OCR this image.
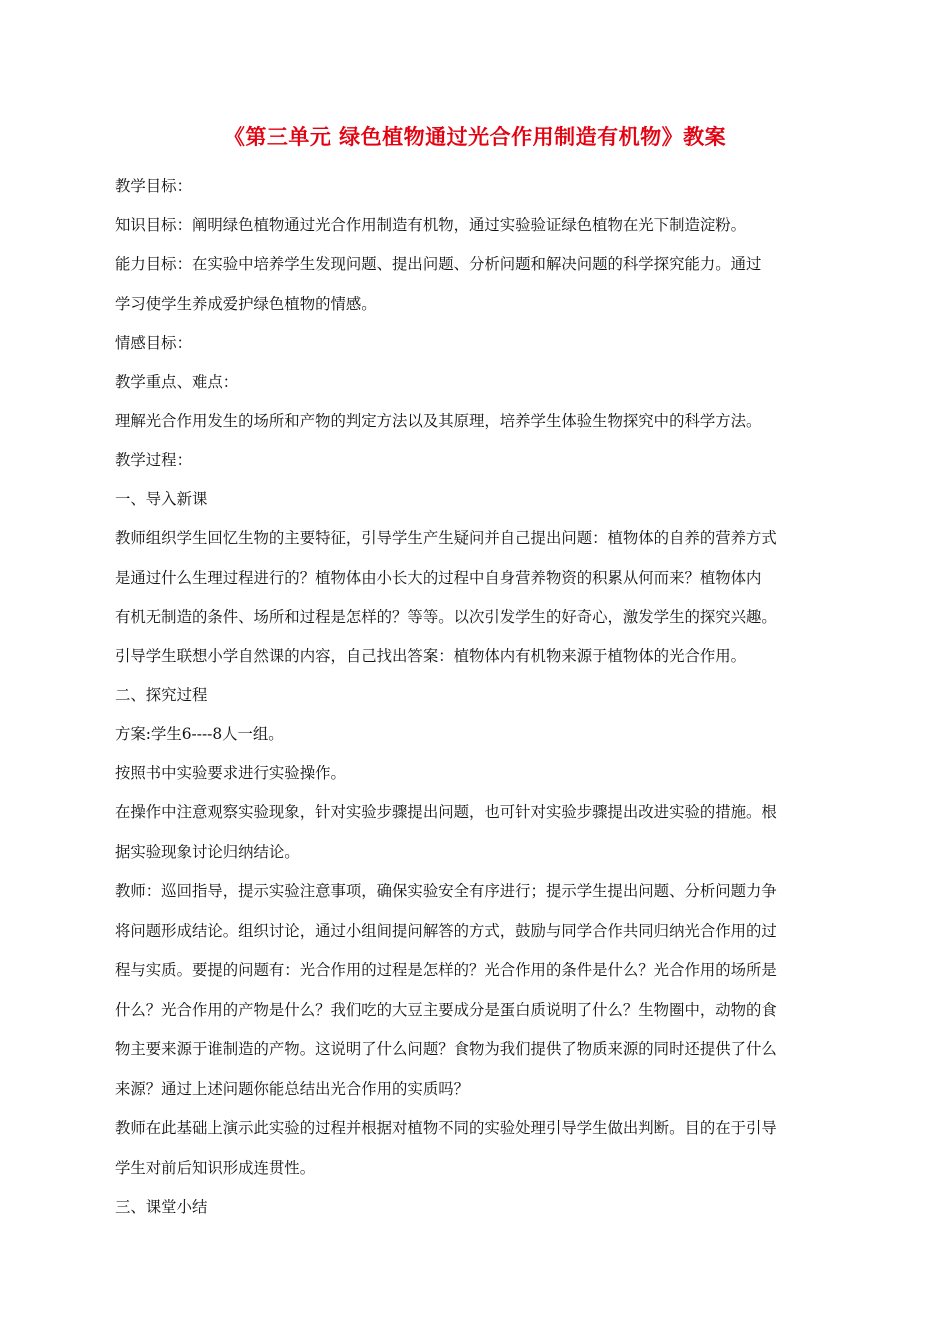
《第三单元 绿色植物通过光合作用制造有机物》教案

教学目标：

知识目标：阐明绿色植物通过光合作用制造有机物，通过实验验证绿色植物在光下制造淀粉。

能力目标：在实验中培养学生发现问题、提出问题、分析问题和解决问题的科学探究能力。通过

学习使学生养成爱护绿色植物的情感。

情感目标：

教学重点、难点：

理解光合作用发生的场所和产物的判定方法以及其原理，培养学生体验生物探究中的科学方法。

教学过程：

一、导入新课

教师组织学生回忆生物的主要特征，引导学生产生疑问并自己提出问题：植物体的自养的营养方式

是通过什么生理过程进行的？植物体由小长大的过程中自身营养物资的积累从何而来？植物体内

有机无制造的条件、场所和过程是怎样的？等等。以次引发学生的好奇心，激发学生的探究兴趣。

引导学生联想小学自然课的内容，自己找出答案：植物体内有机物来源于植物体的光合作用。

二、探究过程

方案:学生6----8人一组。

按照书中实验要求进行实验操作。

在操作中注意观察实验现象，针对实验步骤提出问题，也可针对实验步骤提出改进实验的措施。根

据实验现象讨论归纳结论。

教师：巡回指导，提示实验注意事项，确保实验安全有序进行；提示学生提出问题、分析问题力争

将问题形成结论。组织讨论，通过小组间提问解答的方式，鼓励与同学合作共同归纳光合作用的过

程与实质。要提的问题有：光合作用的过程是怎样的？光合作用的条件是什么？光合作用的场所是

什么？光合作用的产物是什么？我们吃的大豆主要成分是蛋白质说明了什么？生物圈中，动物的食

物主要来源于谁制造的产物。这说明了什么问题？食物为我们提供了物质来源的同时还提供了什么

来源？通过上述问题你能总结出光合作用的实质吗？

教师在此基础上演示此实验的过程并根据对植物不同的实验处理引导学生做出判断。目的在于引导

学生对前后知识形成连贯性。

三、课堂小结
